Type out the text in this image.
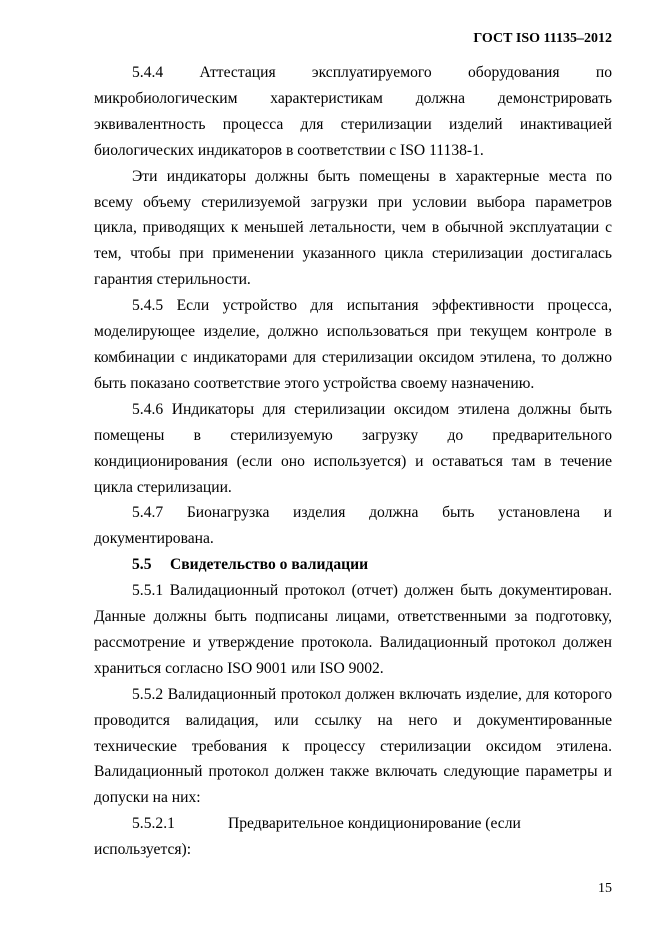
ГОСТ ISO 11135–2012

5.4.4 Аттестация эксплуатируемого оборудования по микробиологическим характеристикам должна демонстрировать эквивалентность процесса для стерилизации изделий инактивацией биологических индикаторов в соответствии с ISO 11138-1.

Эти индикаторы должны быть помещены в характерные места по всему объему стерилизуемой загрузки при условии выбора параметров цикла, приводящих к меньшей летальности, чем в обычной эксплуатации с тем, чтобы при применении указанного цикла стерилизации достигалась гарантия стерильности.

5.4.5 Если устройство для испытания эффективности процесса, моделирующее изделие, должно использоваться при текущем контроле в комбинации с индикаторами для стерилизации оксидом этилена, то должно быть показано соответствие этого устройства своему назначению.

5.4.6 Индикаторы для стерилизации оксидом этилена должны быть помещены в стерилизуемую загрузку до предварительного кондиционирования (если оно используется) и оставаться там в течение цикла стерилизации.

5.4.7 Бионагрузка изделия должна быть установлена и документирована.

5.5 Свидетельство о валидации

5.5.1 Валидационный протокол (отчет) должен быть документирован. Данные должны быть подписаны лицами, ответственными за подготовку, рассмотрение и утверждение протокола. Валидационный протокол должен храниться согласно ISO 9001 или ISO 9002.

5.5.2 Валидационный протокол должен включать изделие, для которого проводится валидация, или ссылку на него и документированные технические требования к процессу стерилизации оксидом этилена. Валидационный протокол должен также включать следующие параметры и допуски на них:

5.5.2.1	Предварительное кондиционирование (если используется):

15
